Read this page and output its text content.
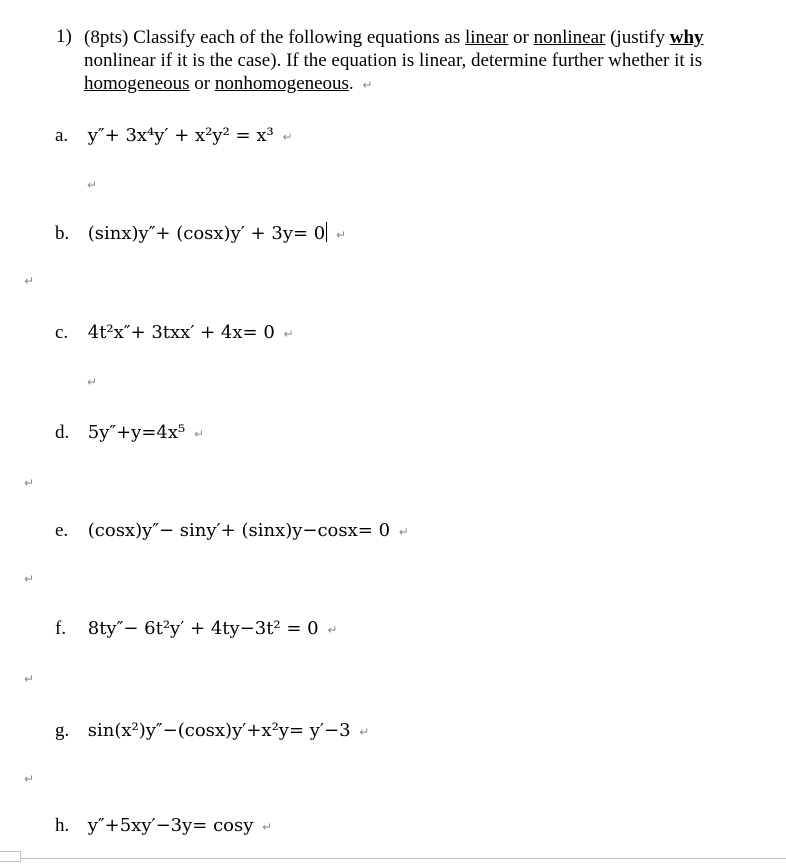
1) (8pts) Classify each of the following equations as linear or nonlinear (justify why nonlinear if it is the case). If the equation is linear, determine further whether it is homogeneous or nonhomogeneous. ↵
a. y″+ 3x⁴y′ + x²y² = x³ ↵
↵
b. (sinx)y″+ (cosx)y′ + 3y= 0 ↵
↵
c. 4t²x″+ 3txx′ + 4x= 0 ↵
↵
d. 5y″+y=4x⁵ ↵
↵
e. (cosx)y″− siny′+ (sinx)y−cosx= 0 ↵
↵
f. 8ty″− 6t²y′ + 4ty−3t² = 0 ↵
↵
g. sin(x²)y″−(cosx)y′+x²y= y′−3 ↵
↵
h. y″+5xy′−3y= cosy ↵
